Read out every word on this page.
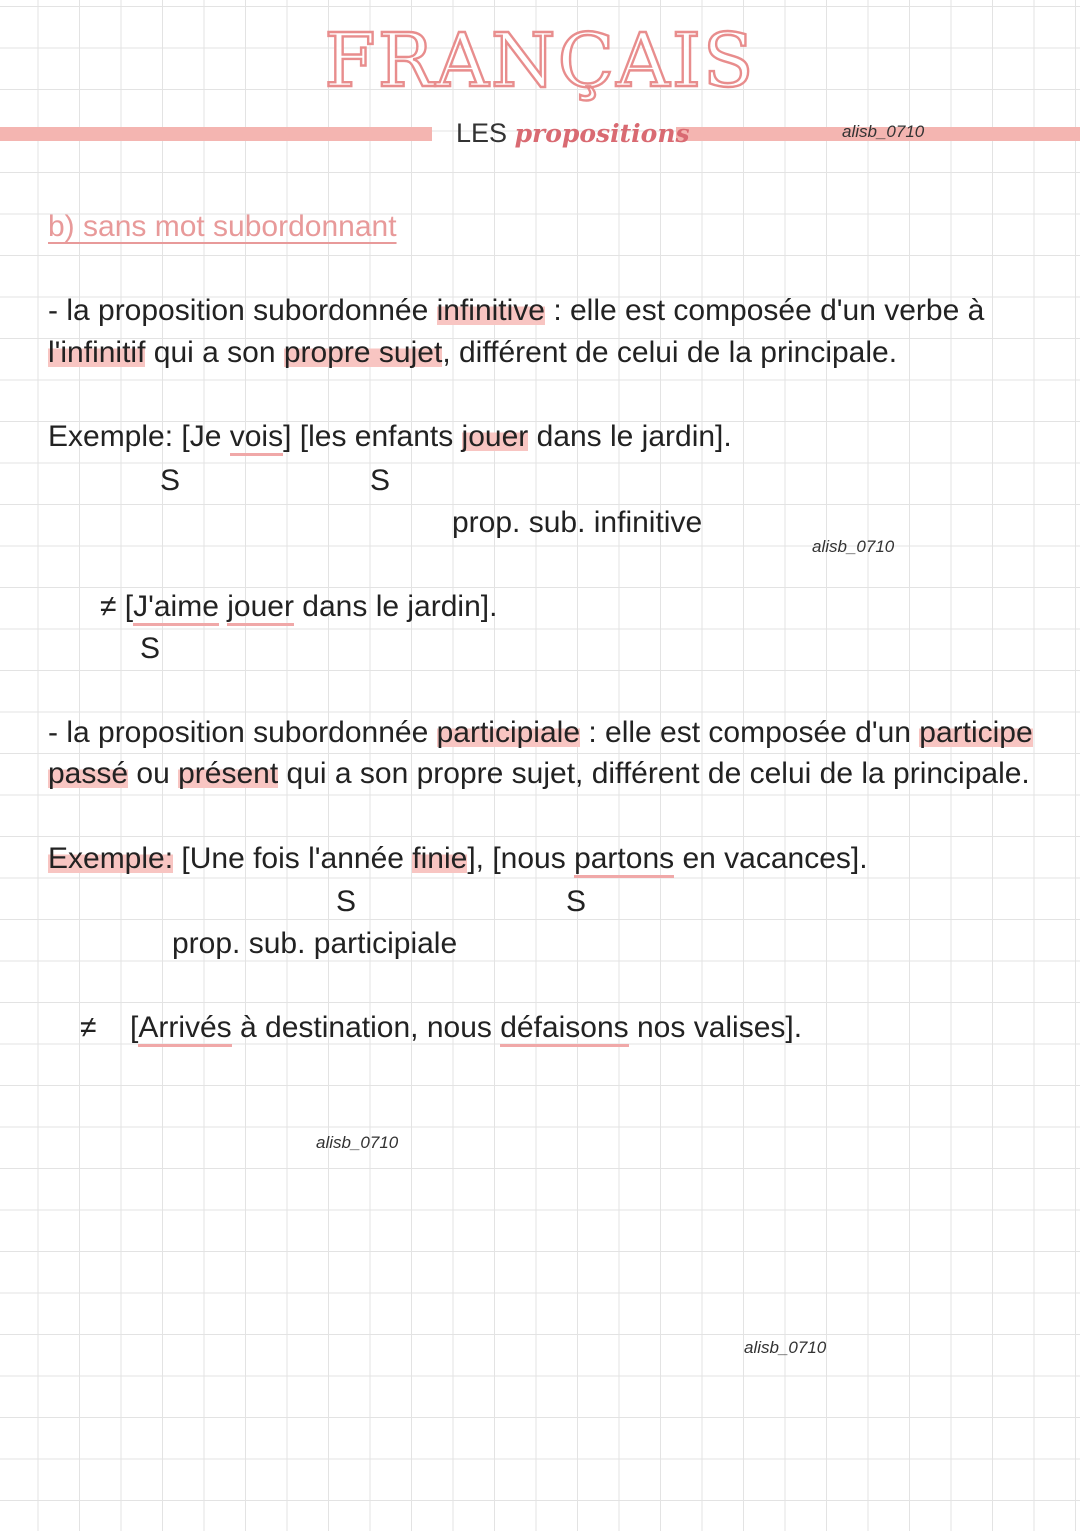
FRANÇAIS
LES propositions	alisb_0710
b) sans mot subordonnant
- la proposition subordonnée infinitive : elle est composée d'un verbe à
l'infinitif qui a son propre sujet, différent de celui de la principale.
Exemple: [Je vois] [les enfants jouer dans le jardin].
S	S
prop. sub. infinitive
alisb_0710
≠ [J'aime jouer dans le jardin].
S
- la proposition subordonnée participiale : elle est composée d'un participe
passé ou présent qui a son propre sujet, différent de celui de la principale.
Exemple: [Une fois l'année finie], [nous partons en vacances].
S	S
prop. sub. participiale
≠ [Arrivés à destination, nous défaisons nos valises].
alisb_0710
alisb_0710
